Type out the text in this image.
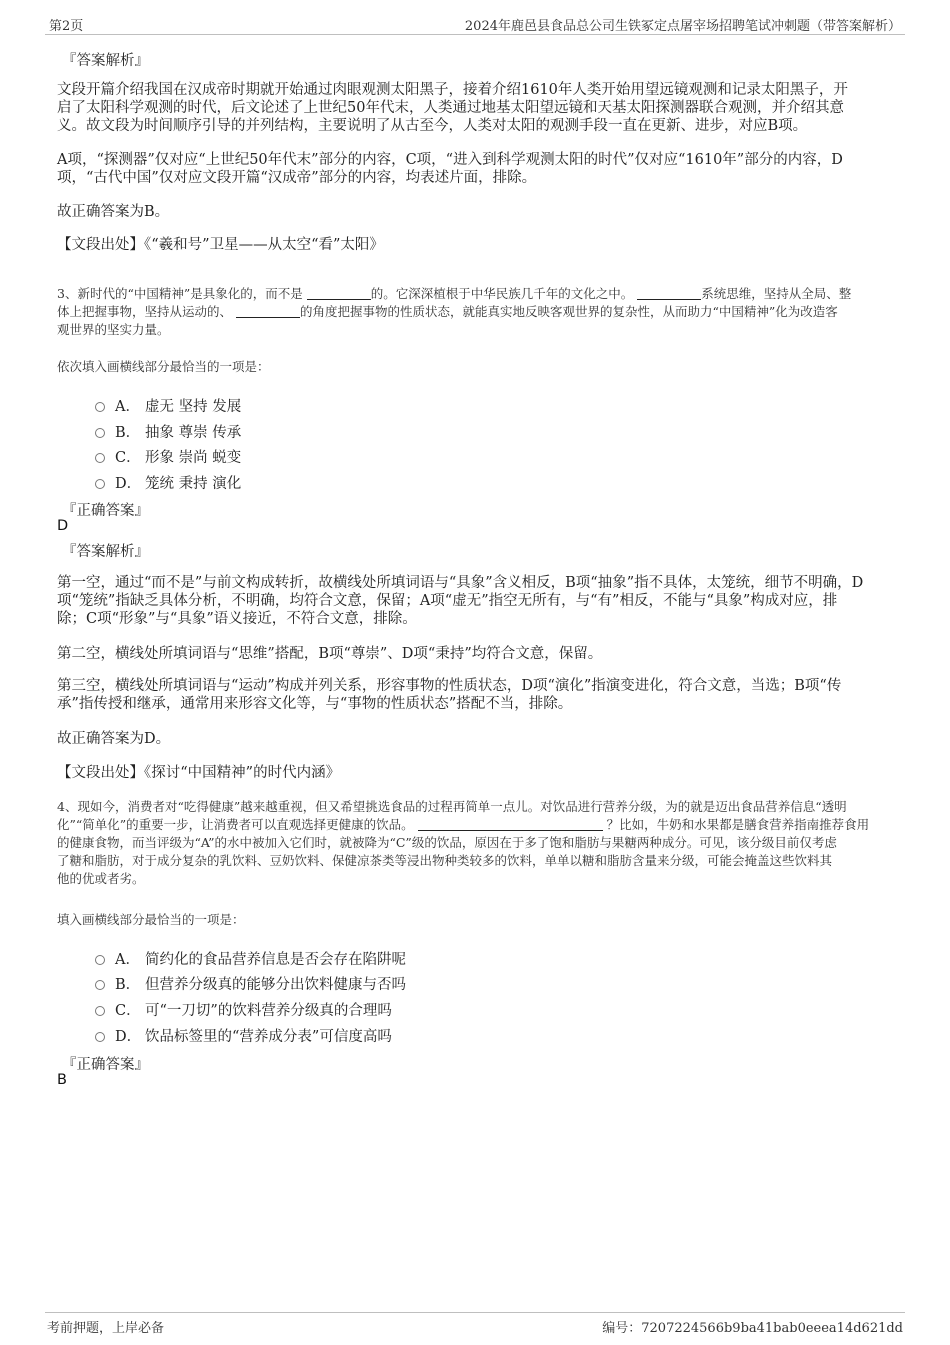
第2页	2024年鹿邑县食品总公司生铁冢定点屠宰场招聘笔试冲刺题（带答案解析）
『答案解析』

文段开篇介绍我国在汉成帝时期就开始通过肉眼观测太阳黑子，接着介绍1610年人类开始用望远镜观测和记录太阳黑子，开
启了太阳科学观测的时代，后文论述了上世纪50年代末，人类通过地基太阳望远镜和天基太阳探测器联合观测，并介绍其意
义。故文段为时间顺序引导的并列结构，主要说明了从古至今，人类对太阳的观测手段一直在更新、进步，对应B项。

A项，“探测器”仅对应“上世纪50年代末”部分的内容，C项，“进入到科学观测太阳的时代”仅对应“1610年”部分的内容，D
项，“古代中国”仅对应文段开篇“汉成帝”部分的内容，均表述片面，排除。

故正确答案为B。

【文段出处】《“羲和号”卫星——从太空“看”太阳》

3、新时代的“中国精神”是具象化的，而不是	的。它深深植根于中华民族几千年的文化之中。	系统思维，坚持从全局、整
体上把握事物，坚持从运动的、	的角度把握事物的性质状态，就能真实地反映客观世界的复杂性，从而助力“中国精神”化为改造客
观世界的坚实力量。

依次填入画横线部分最恰当的一项是：

A． 虚无 坚持 发展
B． 抽象 尊崇 传承
C． 形象 崇尚 蜕变
D． 笼统 秉持 演化
『正确答案』
D
『答案解析』

第一空，通过“而不是”与前文构成转折，故横线处所填词语与“具象”含义相反，B项“抽象”指不具体，太笼统，细节不明确，D
项“笼统”指缺乏具体分析，不明确，均符合文意，保留；A项“虚无”指空无所有，与“有”相反，不能与“具象”构成对应，排
除；C项“形象”与“具象”语义接近，不符合文意，排除。

第二空，横线处所填词语与“思维”搭配，B项“尊崇”、D项“秉持”均符合文意，保留。

第三空，横线处所填词语与“运动”构成并列关系，形容事物的性质状态，D项“演化”指演变进化，符合文意，当选；B项“传
承”指传授和继承，通常用来形容文化等，与“事物的性质状态”搭配不当，排除。

故正确答案为D。

【文段出处】《探讨“中国精神”的时代内涵》

4、现如今，消费者对“吃得健康”越来越重视，但又希望挑选食品的过程再简单一点儿。对饮品进行营养分级，为的就是迈出食品营养信息“透明
化”“简单化”的重要一步，让消费者可以直观选择更健康的饮品。	？比如，牛奶和水果都是膳食营养指南推荐食用
的健康食物，而当评级为“A”的水中被加入它们时，就被降为“C”级的饮品，原因在于多了饱和脂肪与果糖两种成分。可见，该分级目前仅考虑
了糖和脂肪，对于成分复杂的乳饮料、豆奶饮料、保健凉茶类等浸出物种类较多的饮料，单单以糖和脂肪含量来分级，可能会掩盖这些饮料其
他的优或者劣。

填入画横线部分最恰当的一项是：

A． 简约化的食品营养信息是否会存在陷阱呢
B． 但营养分级真的能够分出饮料健康与否吗
C． 可“一刀切”的饮料营养分级真的合理吗
D． 饮品标签里的“营养成分表”可信度高吗
『正确答案』
B
考前押题，上岸必备	编号：7207224566b9ba41bab0eeea14d621dd
